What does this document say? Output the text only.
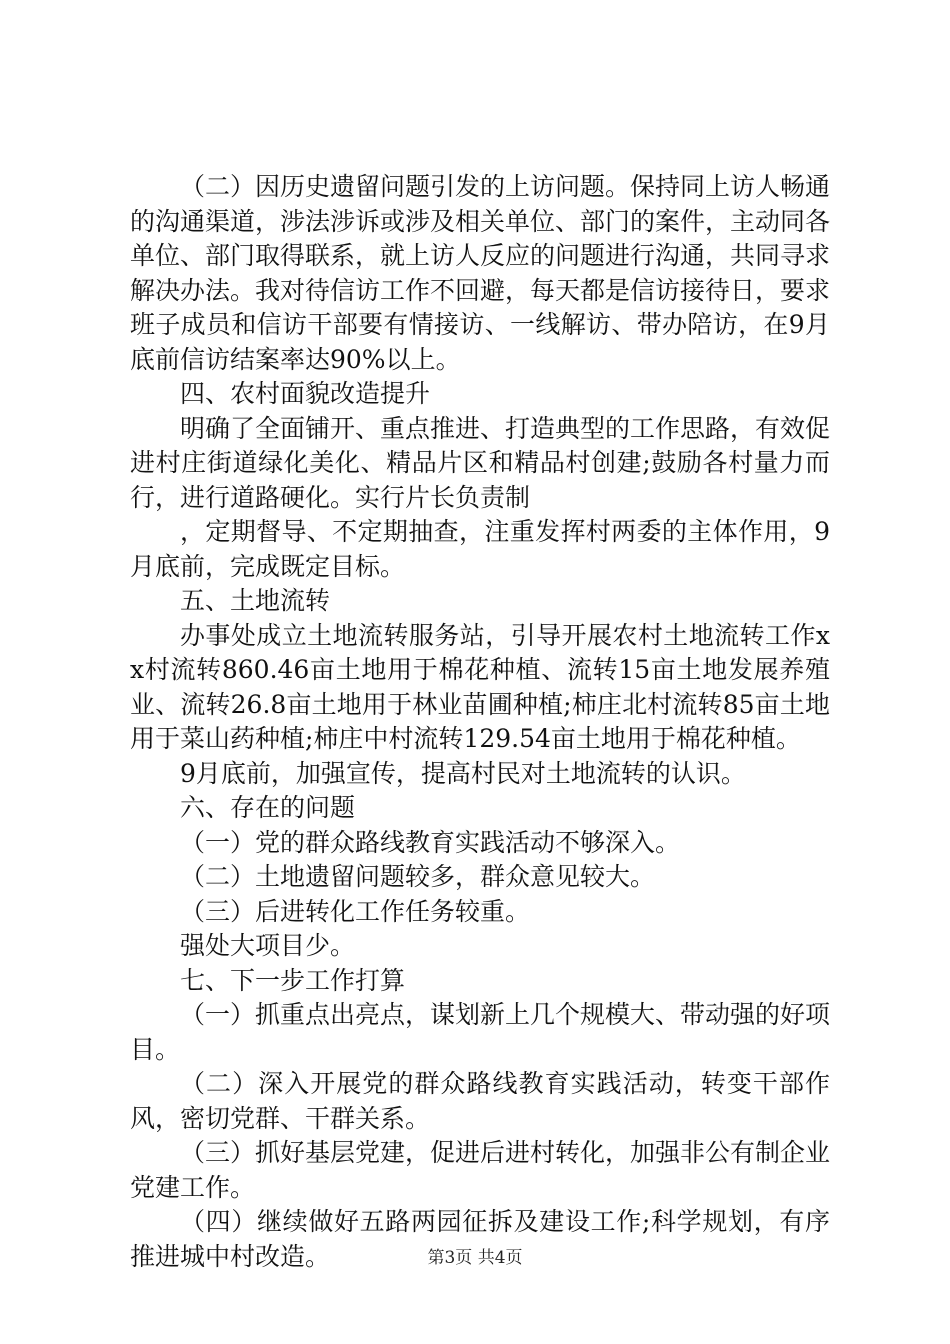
（二）因历史遗留问题引发的上访问题。保持同上访人畅通的沟通渠道，涉法涉诉或涉及相关单位、部门的案件，主动同各单位、部门取得联系，就上访人反应的问题进行沟通，共同寻求解决办法。我对待信访工作不回避，每天都是信访接待日，要求班子成员和信访干部要有情接访、一线解访、带办陪访，在9月底前信访结案率达90%以上。

四、农村面貌改造提升

明确了全面铺开、重点推进、打造典型的工作思路，有效促进村庄街道绿化美化、精品片区和精品村创建;鼓励各村量力而行，进行道路硬化。实行片长负责制

，定期督导、不定期抽查，注重发挥村两委的主体作用，9月底前，完成既定目标。

五、土地流转

办事处成立土地流转服务站，引导开展农村土地流转工作xx村流转860.46亩土地用于棉花种植、流转15亩土地发展养殖业、流转26.8亩土地用于林业苗圃种植;柿庄北村流转85亩土地用于菜山药种植;柿庄中村流转129.54亩土地用于棉花种植。

9月底前，加强宣传，提高村民对土地流转的认识。

六、存在的问题

（一）党的群众路线教育实践活动不够深入。

（二）土地遗留问题较多，群众意见较大。

（三）后进转化工作任务较重。

强处大项目少。

七、下一步工作打算

（一）抓重点出亮点，谋划新上几个规模大、带动强的好项目。

（二）深入开展党的群众路线教育实践活动，转变干部作风，密切党群、干群关系。

（三）抓好基层党建，促进后进村转化，加强非公有制企业党建工作。

（四）继续做好五路两园征拆及建设工作;科学规划，有序推进城中村改造。	第3页 共4页
